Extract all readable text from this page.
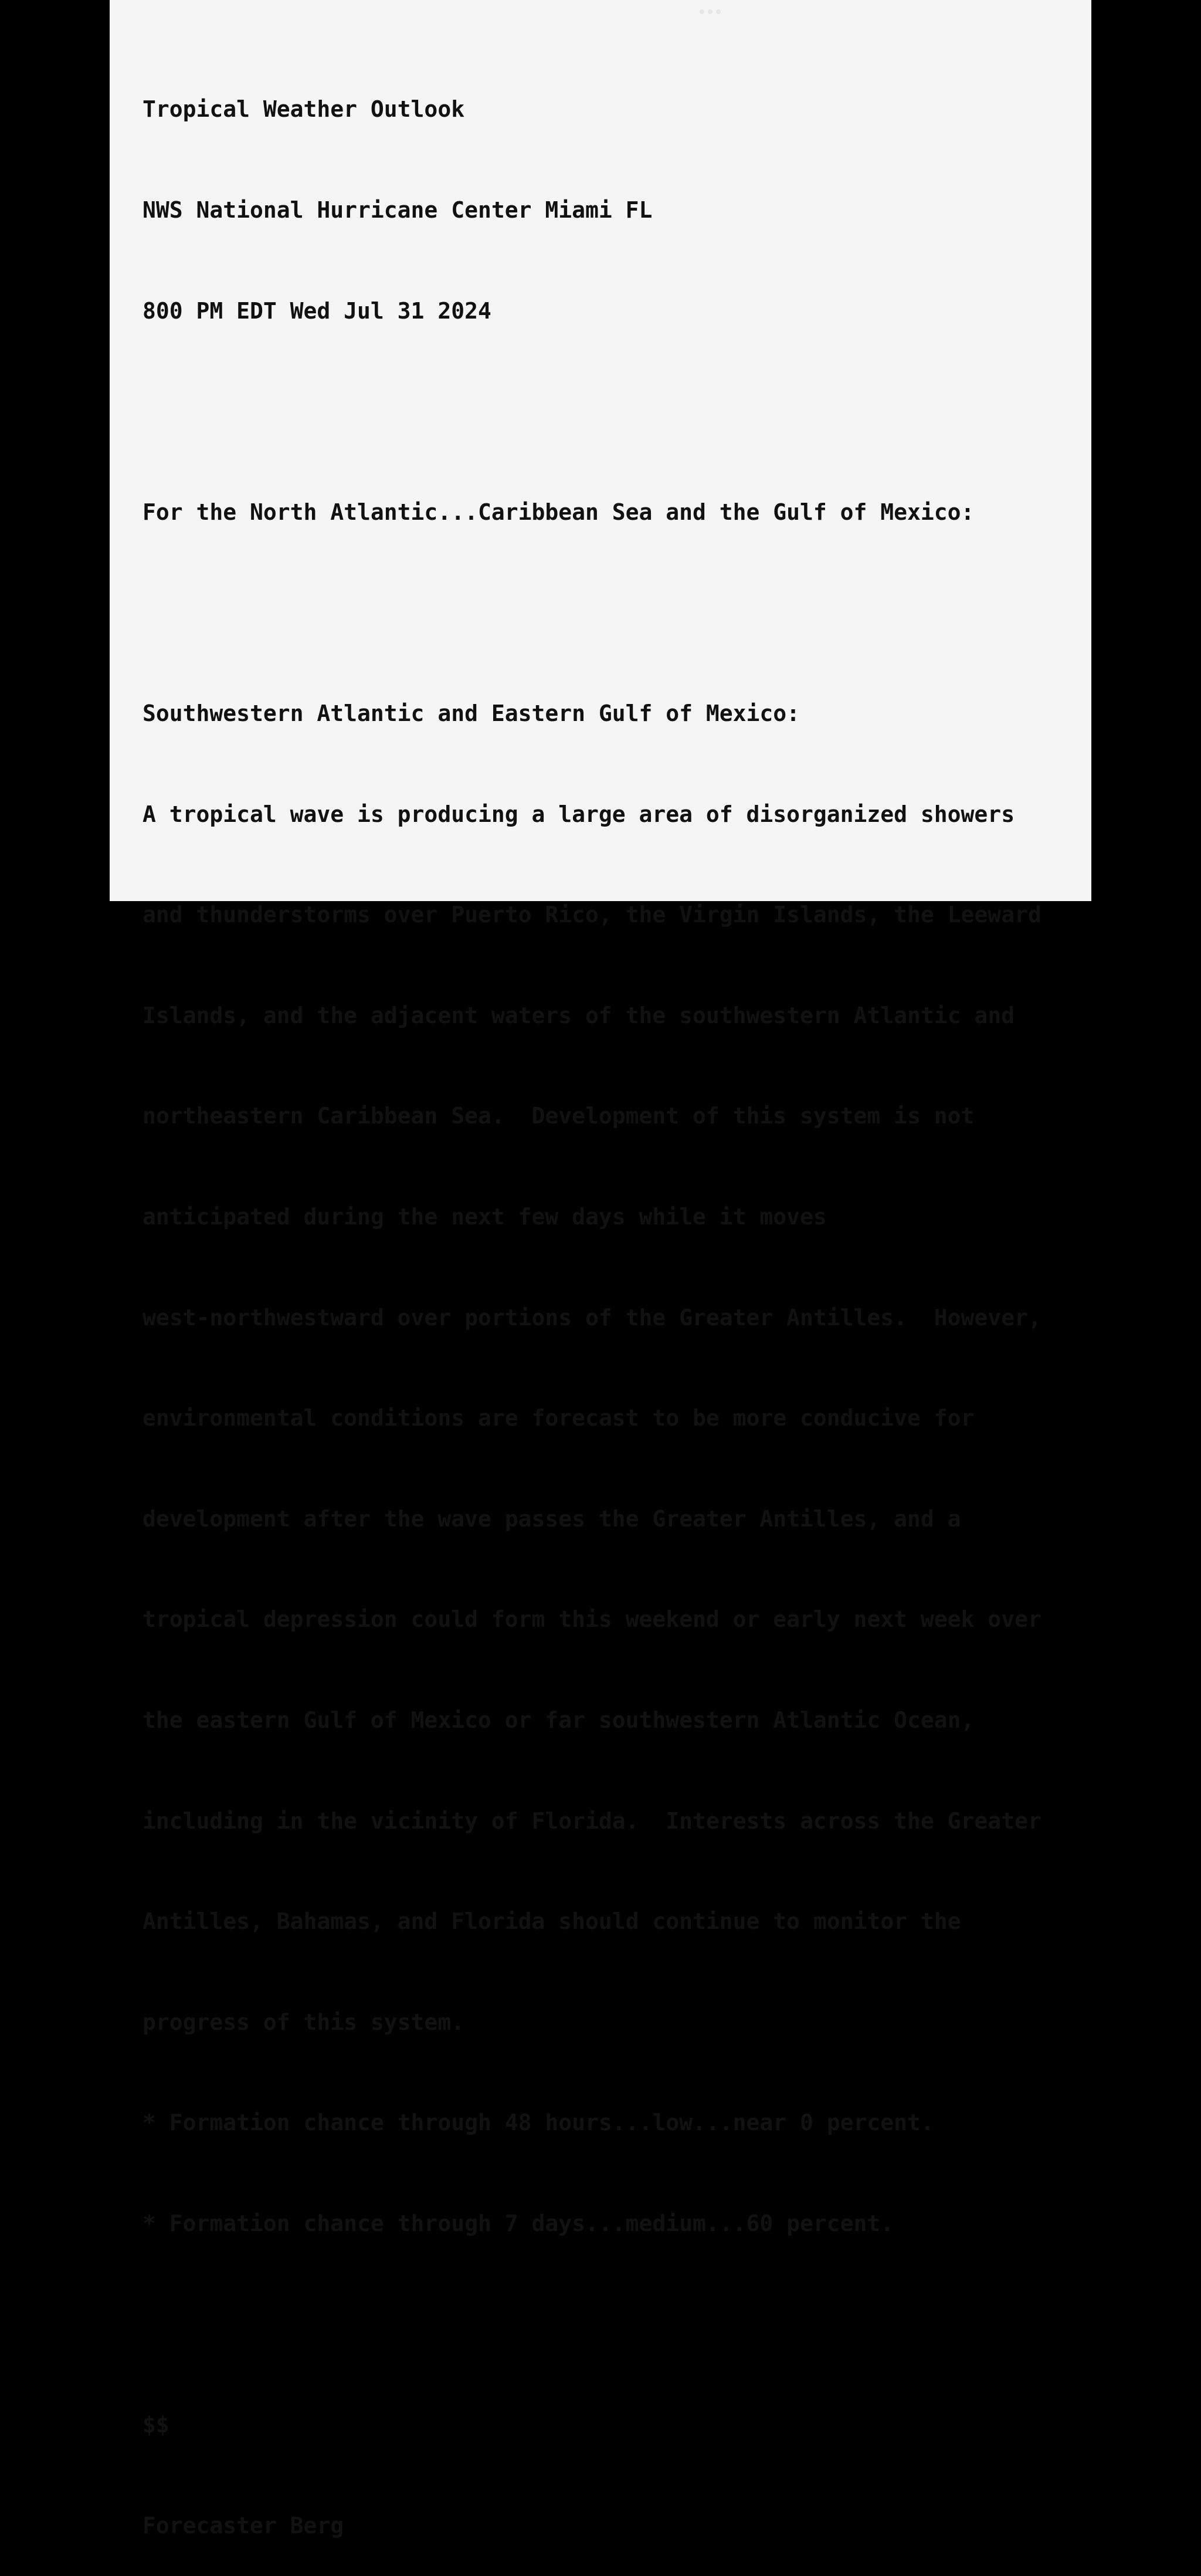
Tropical Weather Outlook

NWS National Hurricane Center Miami FL

800 PM EDT Wed Jul 31 2024

For the North Atlantic...Caribbean Sea and the Gulf of Mexico:

Southwestern Atlantic and Eastern Gulf of Mexico:

A tropical wave is producing a large area of disorganized showers

and thunderstorms over Puerto Rico, the Virgin Islands, the Leeward

Islands, and the adjacent waters of the southwestern Atlantic and

northeastern Caribbean Sea.  Development of this system is not

anticipated during the next few days while it moves

west-northwestward over portions of the Greater Antilles.  However,

environmental conditions are forecast to be more conducive for

development after the wave passes the Greater Antilles, and a

tropical depression could form this weekend or early next week over

the eastern Gulf of Mexico or far southwestern Atlantic Ocean,

including in the vicinity of Florida.  Interests across the Greater

Antilles, Bahamas, and Florida should continue to monitor the

progress of this system.

* Formation chance through 48 hours...low...near 0 percent.

* Formation chance through 7 days...medium...60 percent.

$$

Forecaster Berg
